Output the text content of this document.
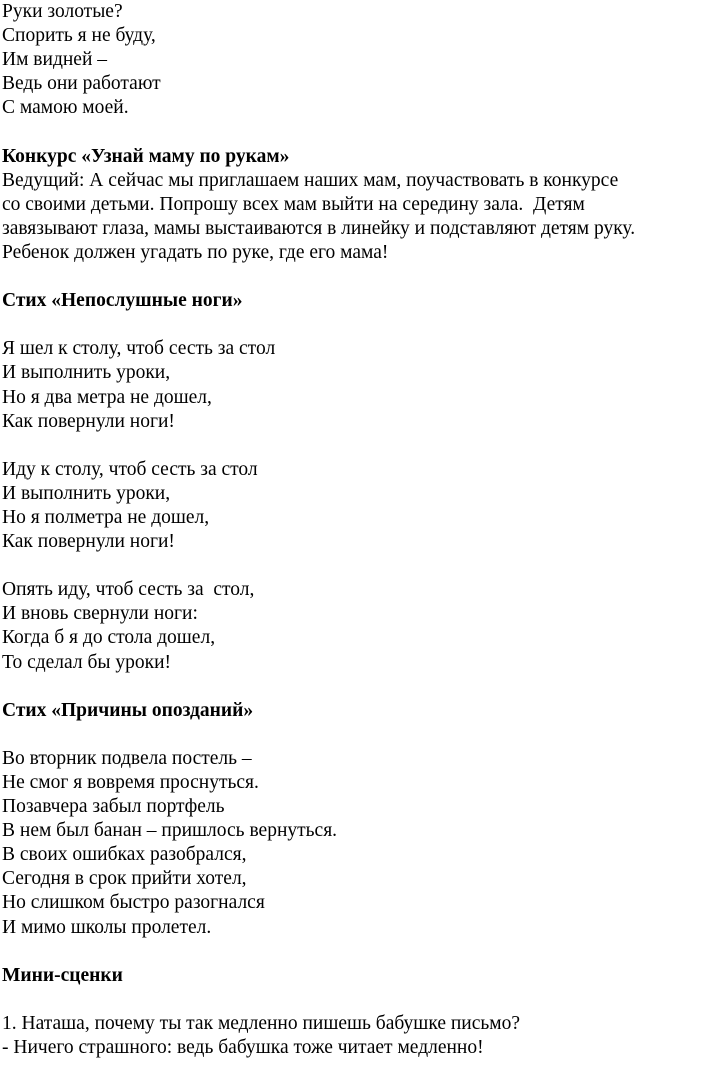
Руки золотые?
Спорить я не буду,
Им видней –
Ведь они работают
С мамою моей.
Конкурс «Узнай маму по рукам»
Ведущий: А сейчас мы приглашаем наших мам, поучаствовать в конкурсе
со своими детьми. Попрошу всех мам выйти на середину зала.  Детям
завязывают глаза, мамы выстаиваются в линейку и подставляют детям руку.
Ребенок должен угадать по руке, где его мама!
Стих «Непослушные ноги»
Я шел к столу, чтоб сесть за стол
И выполнить уроки,
Но я два метра не дошел,
Как повернули ноги!
Иду к столу, чтоб сесть за стол
И выполнить уроки,
Но я полметра не дошел,
Как повернули ноги!
Опять иду, чтоб сесть за  стол,
И вновь свернули ноги:
Когда б я до стола дошел,
То сделал бы уроки!
Стих «Причины опозданий»
Во вторник подвела постель –
Не смог я вовремя проснуться.
Позавчера забыл портфель
В нем был банан – пришлось вернуться.
В своих ошибках разобрался,
Сегодня в срок прийти хотел,
Но слишком быстро разогнался
И мимо школы пролетел.
Мини-сценки
1. Наташа, почему ты так медленно пишешь бабушке письмо?
- Ничего страшного: ведь бабушка тоже читает медленно!
